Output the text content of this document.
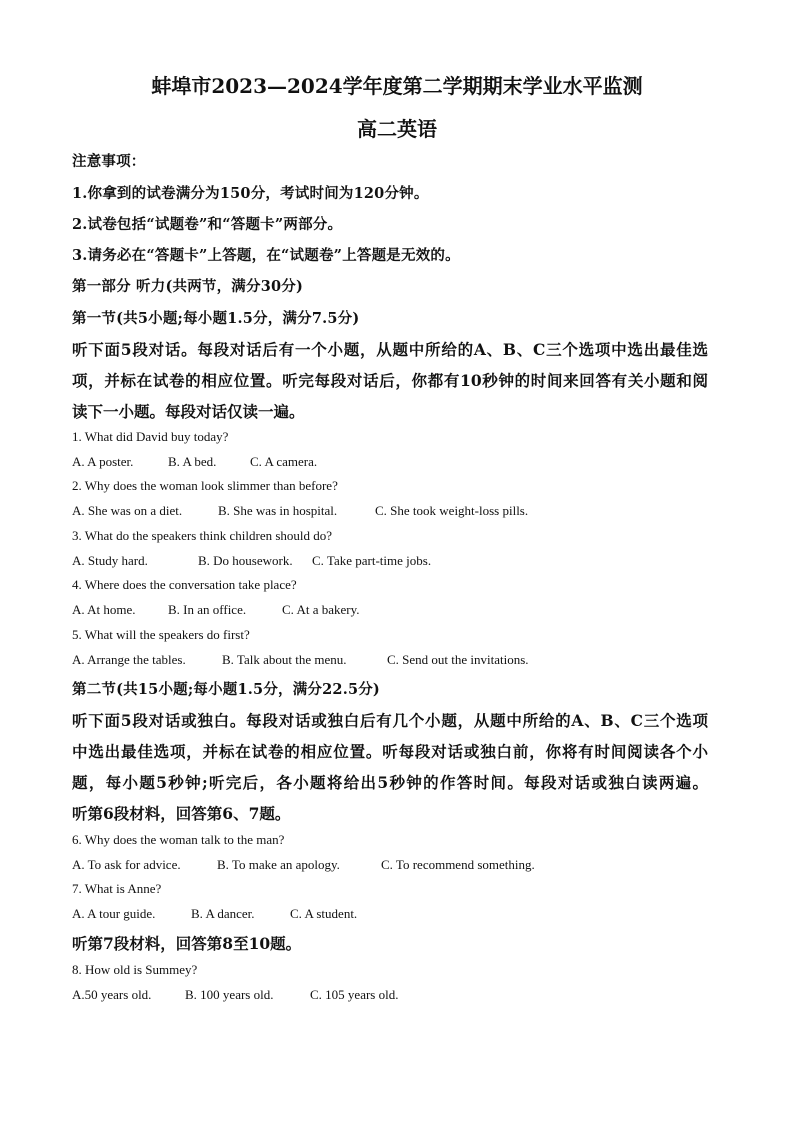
蚌埠市2023—2024学年度第二学期期末学业水平监测
高二英语
注意事项：
1.你拿到的试卷满分为150分，考试时间为120分钟。
2.试卷包括“试题卷”和“答题卡”两部分。
3.请务必在“答题卡”上答题，在“试题卷”上答题是无效的。
第一部分 听力(共两节，满分30分)
第一节(共5小题;每小题1.5分，满分7.5分)
听下面5段对话。每段对话后有一个小题，从题中所给的A、B、C三个选项中选出最佳选
项，并标在试卷的相应位置。听完每段对话后，你都有10秒钟的时间来回答有关小题和阅
读下一小题。每段对话仅读一遍。
1. What did David buy today?
A. A poster.	B. A bed.	C. A camera.
2. Why does the woman look slimmer than before?
A. She was on a diet.	B. She was in hospital.	C. She took weight-loss pills.
3. What do the speakers think children should do?
A. Study hard.	B. Do housework.	C. Take part-time jobs.
4. Where does the conversation take place?
A. At home.	B. In an office.	C. At a bakery.
5. What will the speakers do first?
A. Arrange the tables.	B. Talk about the menu.	C. Send out the invitations.
第二节(共15小题;每小题1.5分，满分22.5分)
听下面5段对话或独白。每段对话或独白后有几个小题，从题中所给的A、B、C三个选项
中选出最佳选项，并标在试卷的相应位置。听每段对话或独白前，你将有时间阅读各个小
题，每小题5秒钟;听完后，各小题将给出5秒钟的作答时间。每段对话或独白读两遍。
听第6段材料，回答第6、7题。
6. Why does the woman talk to the man?
A. To ask for advice.	B. To make an apology.	C. To recommend something.
7. What is Anne?
A. A tour guide.	B. A dancer.	C. A student.
听第7段材料，回答第8至10题。
8. How old is Summey?
A.50 years old.	B. 100 years old.	C. 105 years old.
